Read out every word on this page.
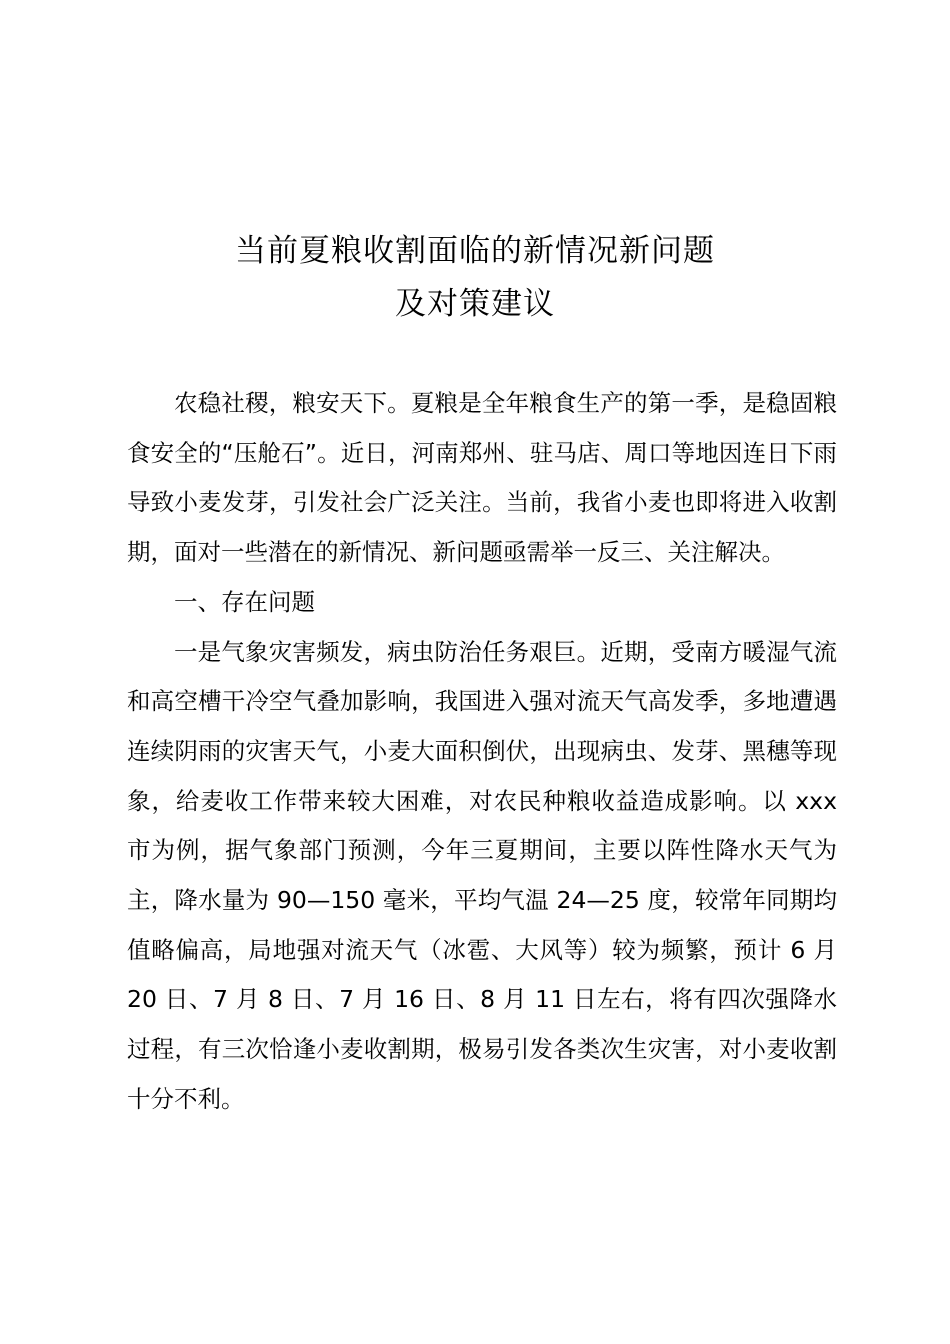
当前夏粮收割面临的新情况新问题
及对策建议

农稳社稷，粮安天下。夏粮是全年粮食生产的第一季，是稳固粮食安全的“压舱石”。近日，河南郑州、驻马店、周口等地因连日下雨导致小麦发芽，引发社会广泛关注。当前，我省小麦也即将进入收割期，面对一些潜在的新情况、新问题亟需举一反三、关注解决。

一、存在问题

一是气象灾害频发，病虫防治任务艰巨。近期，受南方暖湿气流和高空槽干冷空气叠加影响，我国进入强对流天气高发季，多地遭遇连续阴雨的灾害天气，小麦大面积倒伏，出现病虫、发芽、黑穗等现象，给麦收工作带来较大困难，对农民种粮收益造成影响。以 xxx 市为例，据气象部门预测，今年三夏期间，主要以阵性降水天气为主，降水量为 90—150 毫米，平均气温 24—25 度，较常年同期均值略偏高，局地强对流天气（冰雹、大风等）较为频繁，预计 6 月 20 日、7 月 8 日、7 月 16 日、8 月 11 日左右，将有四次强降水过程，有三次恰逢小麦收割期，极易引发各类次生灾害，对小麦收割十分不利。
